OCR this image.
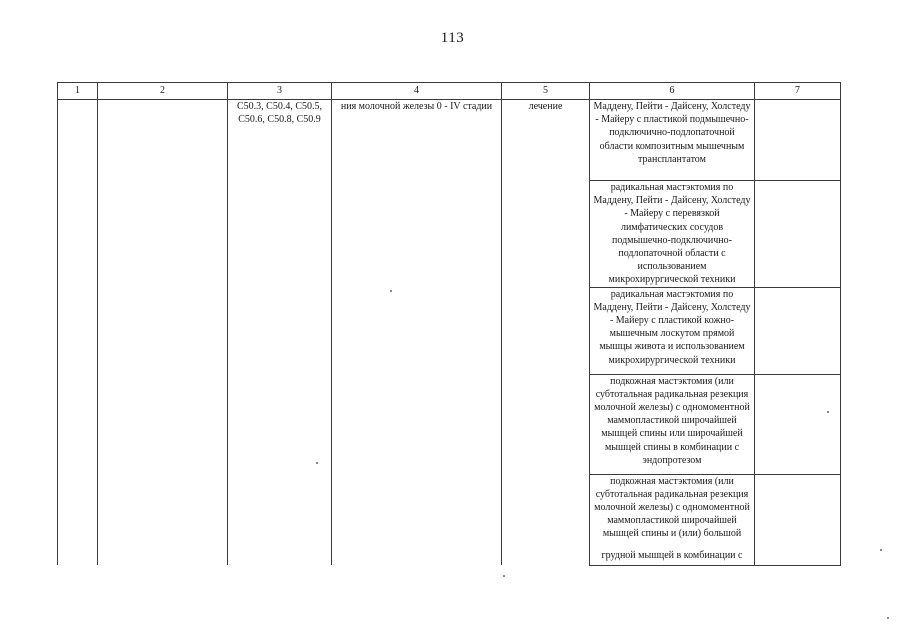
113
1	2	3	4	5	6	7
		C50.3, C50.4, C50.5, C50.6, C50.8, C50.9	ния молочной железы 0 - IV стадии	лечение	Маддену, Пейти - Дайсену, Холстеду - Майеру с пластикой подмышечно-подключично-подлопаточной области композитным мышечным трансплантатом	
					радикальная мастэктомия по Маддену, Пейти - Дайсену, Холстеду - Майеру с перевязкой лимфатических сосудов подмышечно-подключично-подлопаточной области с использованием микрохирургической техники	
					радикальная мастэктомия по Маддену, Пейти - Дайсену, Холстеду - Майеру с пластикой кожно-мышечным лоскутом прямой мышцы живота и использованием микрохирургической техники	
					подкожная мастэктомия (или субтотальная радикальная резекция молочной железы) с одномоментной маммопластикой широчайшей мышцей спины или широчайшей мышцей спины в комбинации с эндопротезом	

					подкожная мастэктомия (или субтотальная радикальная резекция молочной железы) с одномоментной маммопластикой широчайшей мышцей спины и (или) большой
грудной мышцей в комбинации с	
